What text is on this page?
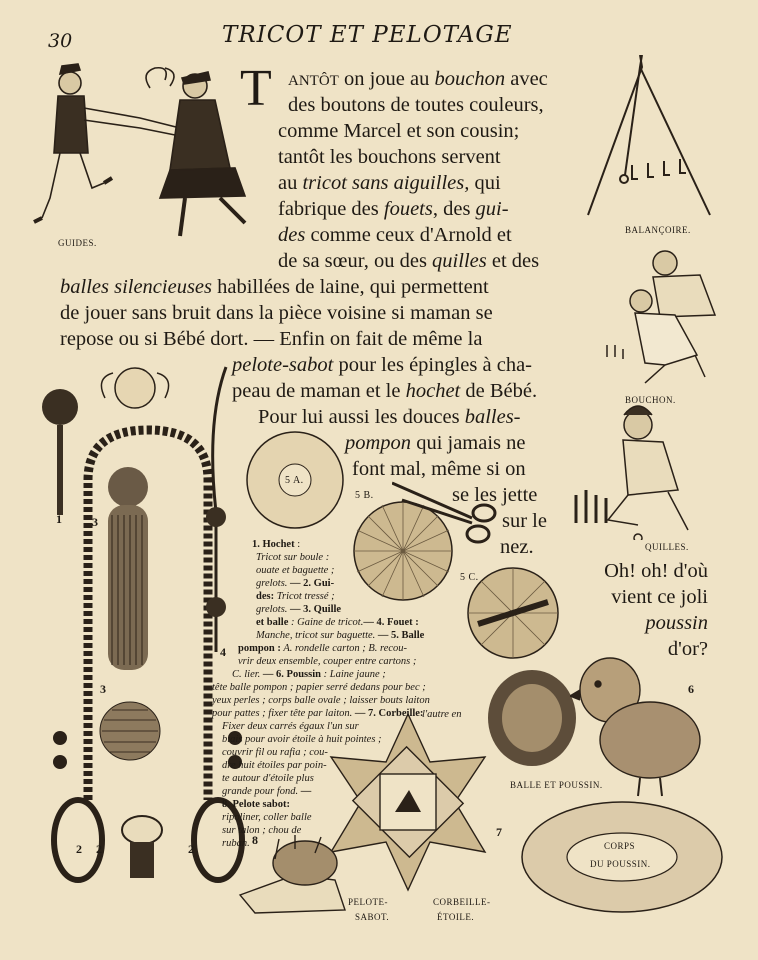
30	TRICOT ET PELOTAGE
GUIDES.
BALANÇOIRE.
BOUCHON.
QUILLES.
5 A.
5 B.
5 C.
6
BALLE ET POUSSIN.
7
8	CORPS
DU POUSSIN.
PELOTE-
SABOT.
CORBEILLE-
ÉTOILE.
1	3
3
4
2 2	2
T ANTÔT on joue au bouchon avec
des boutons de toutes couleurs,
comme Marcel et son cousin;
tantôt les bouchons servent
au tricot sans aiguilles, qui
fabrique des fouets, des gui-
des comme ceux d'Arnold et
de sa sœur, ou des quilles et des
balles silencieuses habillées de laine, qui permettent
de jouer sans bruit dans la pièce voisine si maman se
repose ou si Bébé dort. — Enfin on fait de même la
pelote-sabot pour les épingles à cha-
peau de maman et le hochet de Bébé.
Pour lui aussi les douces balles-
pompon qui jamais ne
font mal, même si on
se les jette
sur le
nez.
Oh! oh! d'où
vient ce joli
poussin
d'or?
1. Hochet :
Tricot sur boule :
ouate et baguette ;
grelots. — 2. Gui-
des: Tricot tressé ;
grelots. — 3. Quille
et balle : Gaine de tricot.— 4. Fouet :
Manche, tricot sur baguette. — 5. Balle
pompon : A. rondelle carton ; B. recou-
vrir deux ensemble, couper entre cartons ;
C. lier. — 6. Poussin : Laine jaune ;
tête balle pompon ; papier serré dedans pour bec ;
yeux perles ; corps balle ovale ; laisser bouts laiton
pour pattes ; fixer tête par laiton. — 7. Corbeille:
Fixer deux carrés égaux l'un sur
l'autre en
biais pour avoir étoile à huit pointes ;
couvrir fil ou rafia ; cou-
dre huit étoiles par poin-
te autour d'étoile plus
grande pour fond. —
8. Pelote sabot:
ripoliner, coller balle
sur talon ; chou de
ruban.
